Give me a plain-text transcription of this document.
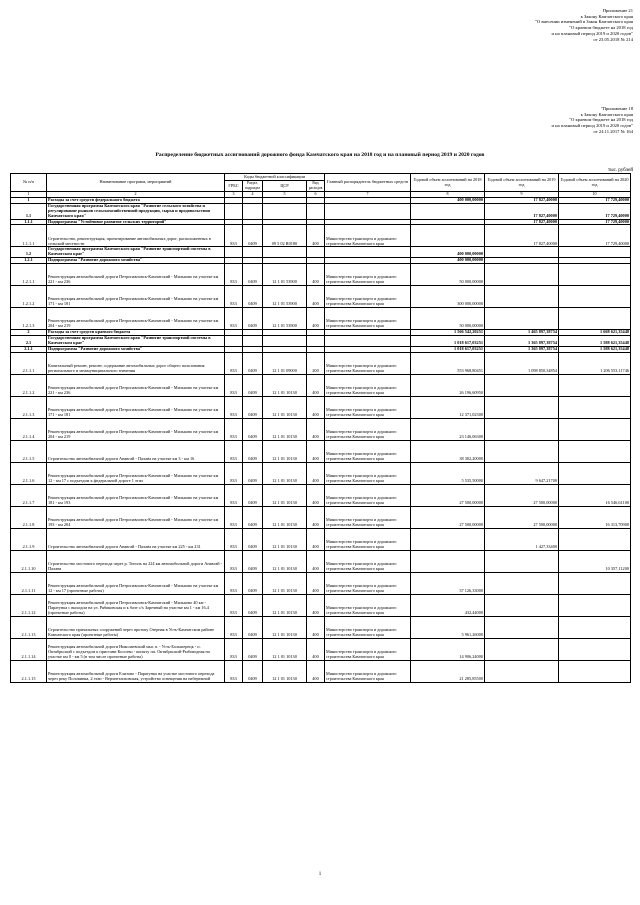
Приложение 21
к Закону Камчатского края
"О внесении изменений в Закон Камчатского края
"О краевом бюджете на 2018 год
и на плановый период 2019 и 2020 годов"
от 23.05.2018 № 214
"Приложение 18
к Закону Камчатского края
"О краевом бюджете на 2018 год
и на плановый период 2019 и 2020 годов"
от 24.11.2017 № 164
Распределение бюджетных ассигнований дорожного фонда Камчатского края на 2018 год и на плановый период 2019 и 2020 годов
тыс. рублей
№ п/п	Наименование программ, мероприятий	Коды бюджетной классификации				Главный распорядитель бюджетных средств	Годовой объем ассигнований на 2018 год	Годовой объем ассигнований на 2019 год	Годовой объем ассигнований на 2020 год
		ГРБС	Раздел, подраздел	ЦСР	Вид расходов				
1	2	3	4	5	6	7	8	9	10
1	Расходы за счет средств федерального бюджета						400 000,00000	17 827,40000	17 729,40000
1.1	Государственная программа Камчатского края "Развитие сельского хозяйства и регулирование рынков сельскохозяйственной продукции, сырья и продовольствия Камчатского края"							17 827,40000	17 729,40000
1.1.1	Подпрограмма "Устойчивое развитие сельских территорий"							17 827,40000	17 729,40000
1.1.1.1	Строительство, реконструкция, проектирование автомобильных дорог, расположенных в сельской местности	833	0409	09 5 02 R0180	400	Министерство транспорта и дорожного строительства Камчатского края		17 827,40000	17 729,40000
1.2	Государственная программа Камчатского края "Развитие транспортной системы в Камчатском крае"						400 000,00000		
1.2.1	Подпрограмма "Развитие дорожного хозяйства"						400 000,00000		
1.2.1.1	Реконструкция автомобильной дороги Петропавловск-Камчатский - Мильково на участке км 221 - км 236	833	0409	12 1 01 53900	400	Министерство транспорта и дорожного строительства Камчатского края	50 000,00000		
1.2.1.2	Реконструкция автомобильной дороги Петропавловск-Камчатский - Мильково на участке км 171 - км 181	833	0409	12 1 01 53900	400	Министерство транспорта и дорожного строительства Камчатского края	300 000,00000		
1.2.1.3	Реконструкция автомобильной дороги Петропавловск-Камчатский - Мильково на участке км 204 - км 219	833	0409	12 1 01 53900	400	Министерство транспорта и дорожного строительства Камчатского края	50 000,00000		
2	Расходы за счет средств краевого бюджета						1 566 542,20251	1 465 897,38754	1 668 621,35448
2.1	Государственная программа Камчатского края "Развитие транспортной системы в Камчатском крае"						1 018 617,03251	1 365 897,38754	1 588 621,35448
2.1.1	Подпрограмма "Развитие дорожного хозяйства"						1 018 617,03251	1 365 897,38754	1 588 621,35448
2.1.1.1	Капитальный ремонт, ремонт, содержание автомобильных дорог общего пользования регионального и межмуниципального значения	833	0409	12 1 01 09000	200	Министерство транспорта и дорожного строительства Камчатского края	553 968,80451	1 098 850,34854	1 206 553,11746
2.1.1.2	Реконструкция автомобильной дороги Петропавловск-Камчатский - Мильково на участке км 221 - км 236	833	0409	12 1 01 10130	400	Министерство транспорта и дорожного строительства Камчатского края	26 196,60950		
2.1.1.3	Реконструкция автомобильной дороги Петропавловск-Камчатский - Мильково на участке км 171 - км 181	833	0409	12 1 01 10130	400	Министерство транспорта и дорожного строительства Камчатского края	12 371,02300		
2.1.1.4	Реконструкция автомобильной дороги Петропавловск-Камчатский - Мильково на участке км 204 - км 219	833	0409	12 1 01 10130	400	Министерство транспорта и дорожного строительства Камчатского края	23 146,06300		
2.1.1.5	Строительство автомобильной дороги Анавгай - Палана на участке км 3 - км 16	833	0409	12 1 01 10130	400	Министерство транспорта и дорожного строительства Камчатского края	38 302,20000		
2.1.1.6	Реконструкция автомобильной дороги Петропавловск-Камчатский - Мильково на участке км 12 - км 17 с подъездом к федеральной дороге 1 этап	833	0409	12 1 01 10130	400	Министерство транспорта и дорожного строительства Камчатского края	5 535,50000	9 647,21700	
2.1.1.7	Реконструкция автомобильной дороги Петропавловск-Камчатский - Мильково на участке км 181 - км 193	833	0409	12 1 01 10130	400	Министерство транспорта и дорожного строительства Камчатского края	27 500,00000	27 500,00000	16 546,61100
2.1.1.8	Реконструкция автомобильной дороги Петропавловск-Камчатский - Мильково на участке км 193 - км 204	833	0409	12 1 01 10130	400	Министерство транспорта и дорожного строительства Камчатского края	27 500,00000	27 500,00000	16 313,70900
2.1.1.9	Строительство автомобильной дороги Анавгай - Палана на участке км 225 - км 231	833	0409	12 1 01 10130	400	Министерство транспорта и дорожного строительства Камчатского края		1 427,33400	
2.1.1.10	Строительство мостового перехода через р. Тигиль на 224 км автомобильной дороги Анавгай - Палана	833	0409	12 1 01 10130	400	Министерство транспорта и дорожного строительства Камчатского края			10 357,11200
2.1.1.11	Реконструкция автомобильной дороги Петропавловск-Камчатский - Мильково на участке км 12 - км 17 (проектные работы)	833	0409	12 1 01 10130	400	Министерство транспорта и дорожного строительства Камчатского края	37 126,33000		
2.1.1.12	Реконструкция автомобильной дороги Петропавловск-Камчатский - Мильково 40 км - Паратунка с выходом на ул. Рябиковская и к базе с/х Заречный на участке км 1 - км 16,4 (проектные работы)	833	0409	12 1 01 10130	400	Министерство транспорта и дорожного строительства Камчатского края	432,44000		
2.1.1.13	Строительство причальных сооружений через протоку Озерная в Усть-Камчатском районе Камчатского края (проектные работы)	833	0409	12 1 01 10130	400	Министерство транспорта и дорожного строительства Камчатского края	5 961,26000		
2.1.1.14	Реконструкция автомобильной дороги Николаевский мыс п. - Усть-Большерецк - п. Октябрьский с подъездом к пристани Косоево - копыту пп. Октябрьский-Рыбоводная на участке км 0 - км 5 (в том числе проектные работы)	833	0409	12 1 01 10130	400	Министерство транспорта и дорожного строительства Камчатского края	14 906,24000		
2.1.1.15	Реконструкция автомобильной дороги Елизово - Паратунка на участке мостового перехода через реку Половинка, 2 этап - Верхнеэлизовская, устройство освещения на набережной	833	0409	12 1 01 10130	400	Министерство транспорта и дорожного строительства Камчатского края	21 285,85500		
1
